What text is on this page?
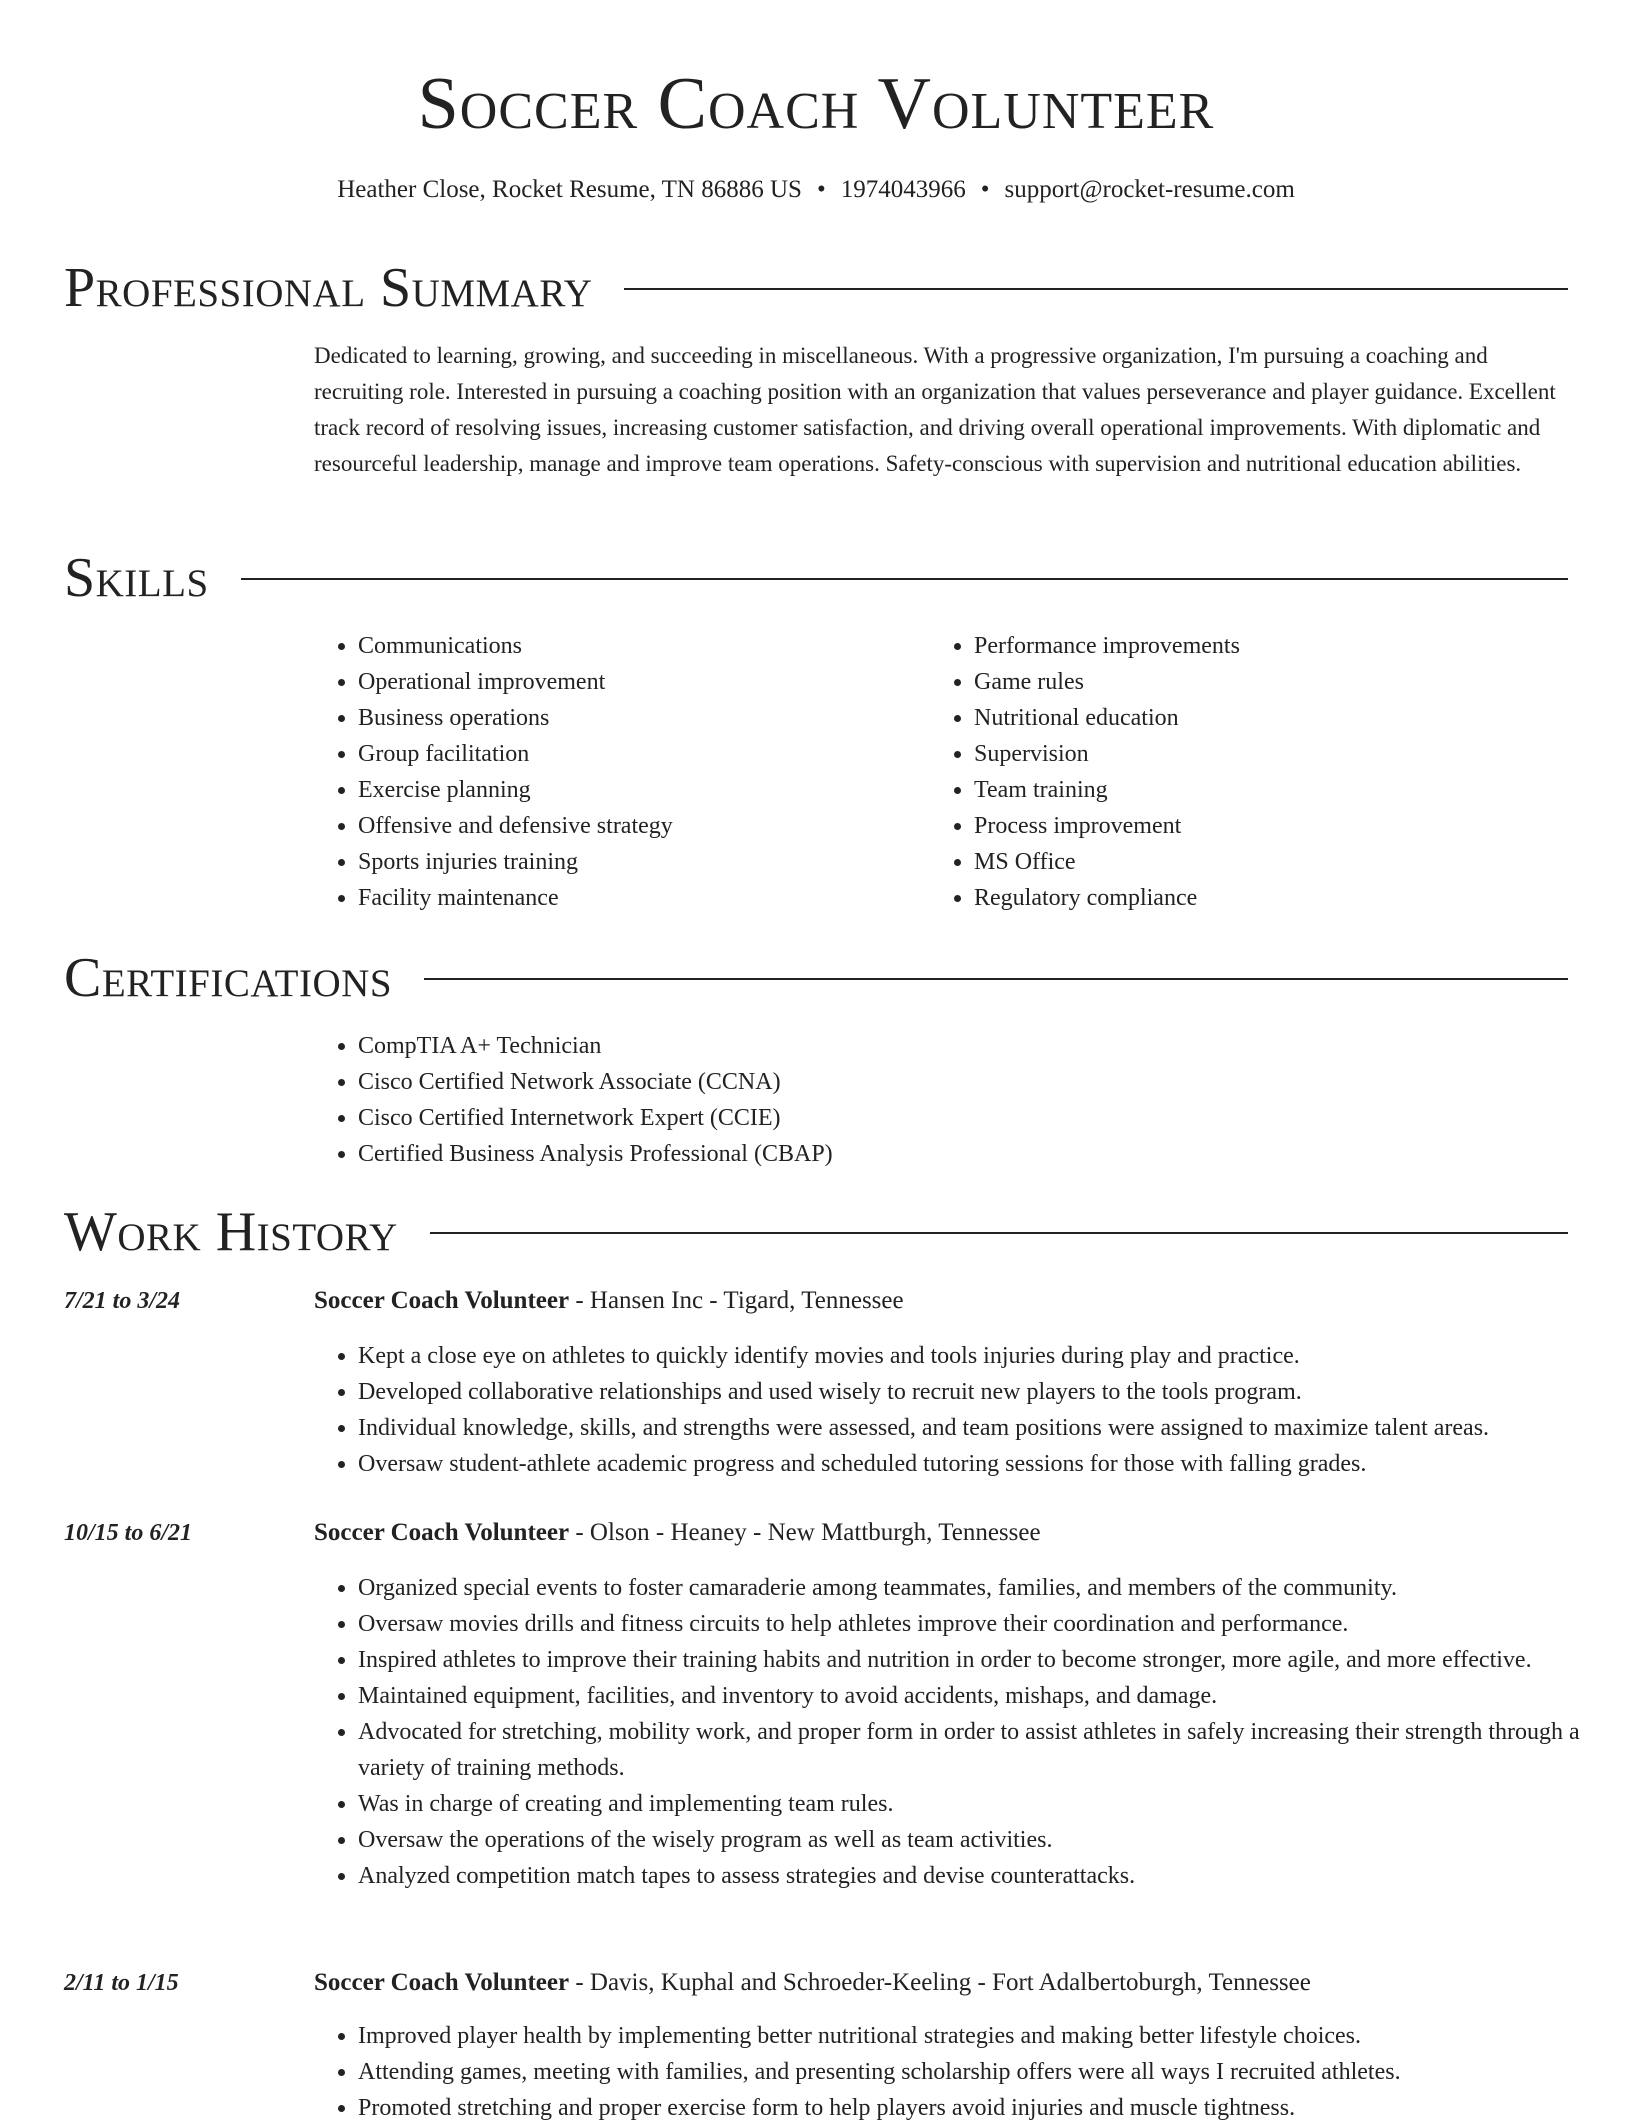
Soccer Coach Volunteer
Heather Close, Rocket Resume, TN 86886 US • 1974043966 • support@rocket-resume.com
Professional Summary

Dedicated to learning, growing, and succeeding in miscellaneous. With a progressive organization, I'm pursuing a coaching and recruiting role. Interested in pursuing a coaching position with an organization that values perseverance and player guidance. Excellent track record of resolving issues, increasing customer satisfaction, and driving overall operational improvements. With diplomatic and resourceful leadership, manage and improve team operations. Safety-conscious with supervision and nutritional education abilities.

Skills
• Communications
• Operational improvement
• Business operations
• Group facilitation
• Exercise planning
• Offensive and defensive strategy
• Sports injuries training
• Facility maintenance
• Performance improvements
• Game rules
• Nutritional education
• Supervision
• Team training
• Process improvement
• MS Office
• Regulatory compliance
Certifications
• CompTIA A+ Technician
• Cisco Certified Network Associate (CCNA)
• Cisco Certified Internetwork Expert (CCIE)
• Certified Business Analysis Professional (CBAP)
Work History
7/21 to 3/24	Soccer Coach Volunteer - Hansen Inc - Tigard, Tennessee
• Kept a close eye on athletes to quickly identify movies and tools injuries during play and practice.
• Developed collaborative relationships and used wisely to recruit new players to the tools program.
• Individual knowledge, skills, and strengths were assessed, and team positions were assigned to maximize talent areas.
• Oversaw student-athlete academic progress and scheduled tutoring sessions for those with falling grades.
10/15 to 6/21	Soccer Coach Volunteer - Olson - Heaney - New Mattburgh, Tennessee
• Organized special events to foster camaraderie among teammates, families, and members of the community.
• Oversaw movies drills and fitness circuits to help athletes improve their coordination and performance.
• Inspired athletes to improve their training habits and nutrition in order to become stronger, more agile, and more effective.
• Maintained equipment, facilities, and inventory to avoid accidents, mishaps, and damage.
• Advocated for stretching, mobility work, and proper form in order to assist athletes in safely increasing their strength through a variety of training methods.
• Was in charge of creating and implementing team rules.
• Oversaw the operations of the wisely program as well as team activities.
• Analyzed competition match tapes to assess strategies and devise counterattacks.
2/11 to 1/15	Soccer Coach Volunteer - Davis, Kuphal and Schroeder-Keeling - Fort Adalbertoburgh, Tennessee
• Improved player health by implementing better nutritional strategies and making better lifestyle choices.
• Attending games, meeting with families, and presenting scholarship offers were all ways I recruited athletes.
• Promoted stretching and proper exercise form to help players avoid injuries and muscle tightness.
